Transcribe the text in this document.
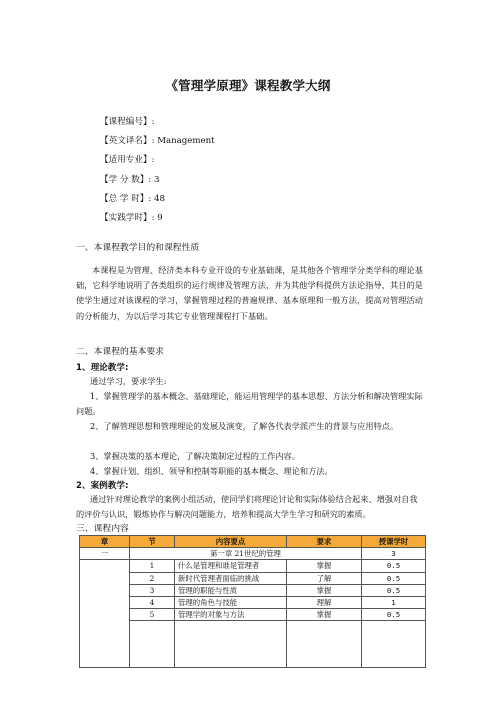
《管理学原理》课程教学大纲
【课程编号】:
【英文译名】: Management
【适用专业】:
【学 分 数】: 3
【总 学 时】: 48
【实践学时】: 9
一、本课程教学目的和课程性质
本课程是为管理、经济类本科专业开设的专业基础课，是其他各个管理学分类学科的理论基础，它科学地说明了各类组织的运行规律及管理方法，并为其他学科提供方法论指导，其目的是使学生通过对该课程的学习，掌握管理过程的普遍规律、基本原理和一般方法，提高对管理活动的分析能力，为以后学习其它专业管理课程打下基础。
二、本课程的基本要求
1、理论教学:
通过学习，要求学生:
1、掌握管理学的基本概念、基础理论，能运用管理学的基本思想、方法分析和解决管理实际问题。
2、了解管理思想和管理理论的发展及演变，了解各代表学派产生的背景与应用特点。
3、掌握决策的基本理论，了解决策制定过程的工作内容。
4、掌握计划、组织、领导和控制等职能的基本概念、理论和方法。
2、案例教学:
通过针对理论教学的案例小组活动，使同学们将理论讨论和实际体验结合起来、增强对自我的评价与认识，锻炼协作与解决问题能力，培养和提高大学生学习和研究的素质。
三、课程内容
章	节	内容要点	要求	授课学时
一	第一章 21世纪的管理			3
	1	什么是管理和谁是管理者	掌握	0.5
	2	新时代管理者面临的挑战	了解	0.5
	3	管理的职能与性质	掌握	0.5
	4	管理的角色与技能	理解	1
	5	管理学的对象与方法	掌握	0.5
